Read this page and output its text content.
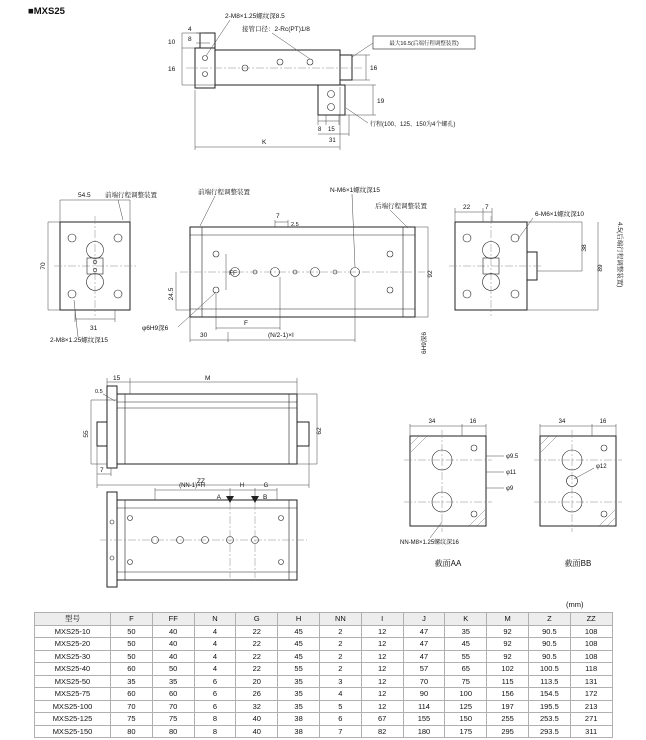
■MXS25
10
16
4
8
16
19
8 15
31
K
2-M8×1.25螺纹深8.5
接管口径：2-Rc(PT)1/8
最大16.5(后端行程调整装置)
行程(100、125、150为4个螺孔)
54.5 前端行程调整装置
70
31
2-M8×1.25螺纹深15
FF
7
2.5
24.5
92
F
30	(N/2-1)×I
φ6H9深6
6H9深6
前端行程调整装置	N-M6×1螺纹深15
后端行程调整装置	22 7
6-M6×1螺纹深10
38
89 4.5(后端行程调整装置)
15	M
0.5
55	62
7
ZZ
(NN-1)×H	H	G
A	B
34	16
φ9.5
φ11
φ9
NN-M8×1.25螺纹深16
截面AA
34	16
φ12
截面BB
(mm)
型号	F	FF	N	G	H	NN	I	J	K	M	Z	ZZ
MXS25-10	50	40	4	22	45	2	12	47	35	92	90.5	108
MXS25-20	50	40	4	22	45	2	12	47	45	92	90.5	108
MXS25-30	50	40	4	22	45	2	12	47	55	92	90.5	108
MXS25-40	60	50	4	22	55	2	12	57	65	102	100.5	118
MXS25-50	35	35	6	20	35	3	12	70	75	115	113.5	131
MXS25-75	60	60	6	26	35	4	12	90	100	156	154.5	172
MXS25-100	70	70	6	32	35	5	12	114	125	197	195.5	213
MXS25-125	75	75	8	40	38	6	67	155	150	255	253.5	271
MXS25-150	80	80	8	40	38	7	82	180	175	295	293.5	311
